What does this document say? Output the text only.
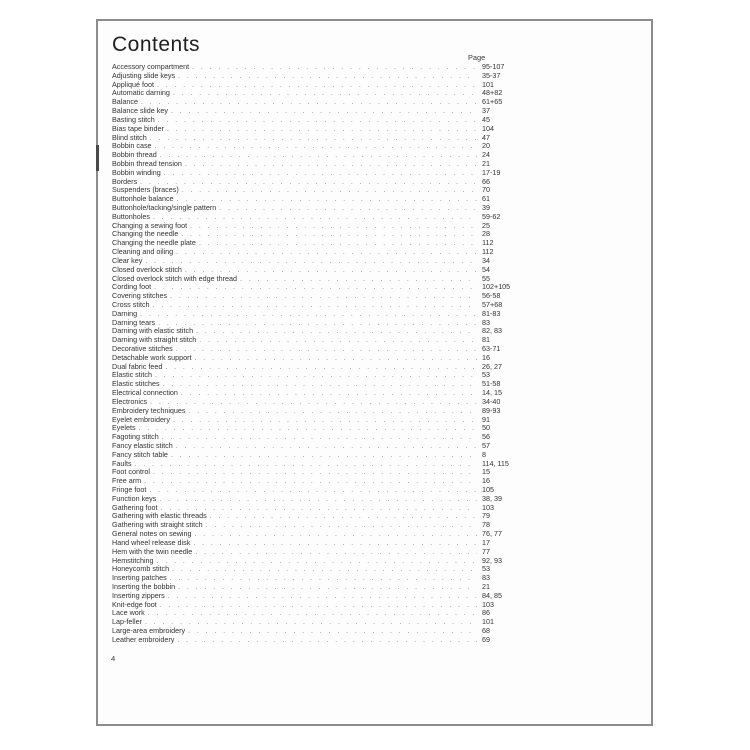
Contents
Page
Accessory compartment . . .	95-107
Adjusting slide keys . . .	35-37
Appliqué foot . . .	101
Automatic darning . . .	48+82
Balance . . .	61+65
Balance slide key . . .	37
Basting stitch . . .	45
Bias tape binder . . .	104
Blind stitch . . .	47
Bobbin case . . .	20
Bobbin thread . . .	24
Bobbin thread tension . . .	21
Bobbin winding . . .	17-19
Borders . . .	66
Suspenders (braces) . . .	70
Buttonhole balance . . .	61
Buttonhole/tacking/single pattern . . .	39
Buttonholes . . .	59-62
Changing a sewing foot . . .	25
Changing the needle . . .	28
Changing the needle plate . . .	112
Cleaning and oiling . . .	112
Clear key . . .	34
Closed overlock stitch . . .	54
Closed overlock stitch with edge thread . . .	55
Cording foot . . .	102+105
Covering stitches . . .	56-58
Cross stitch . . .	57+68
Darning . . .	81-83
Darning tears . . .	83
Darning with elastic stitch . . .	82, 83
Darning with straight stitch . . .	81
Decorative stitches . . .	63-71
Detachable work support . . .	16
Dual fabric feed . . .	26, 27
Elastic stitch . . .	53
Elastic stitches . . .	51-58
Electrical connection . . .	14, 15
Electronics . . .	34-40
Embroidery techniques . . .	89-93
Eyelet embroidery . . .	91
Eyelets . . .	50
Fagoting stitch . . .	56
Fancy elastic stitch . . .	57
Fancy stitch table . . .	8
Faults . . .	114, 115
Foot control . . .	15
Free arm . . .	16
Fringe foot . . .	105
Function keys . . .	38, 39
Gathering foot . . .	103
Gathering with elastic threads . . .	79
Gathering with straight stitch . . .	78
General notes on sewing . . .	76, 77
Hand wheel release disk . . .	17
Hem with the twin needle . . .	77
Hemstitching . . .	92, 93
Honeycomb stitch . . .	53
Inserting patches . . .	83
Inserting the bobbin . . .	21
Inserting zippers . . .	84, 85
Knit-edge foot . . .	103
Lace work . . .	86
Lap-feller . . .	101
Large-area embroidery . . .	68
Leather embroidery . . .	69
4
